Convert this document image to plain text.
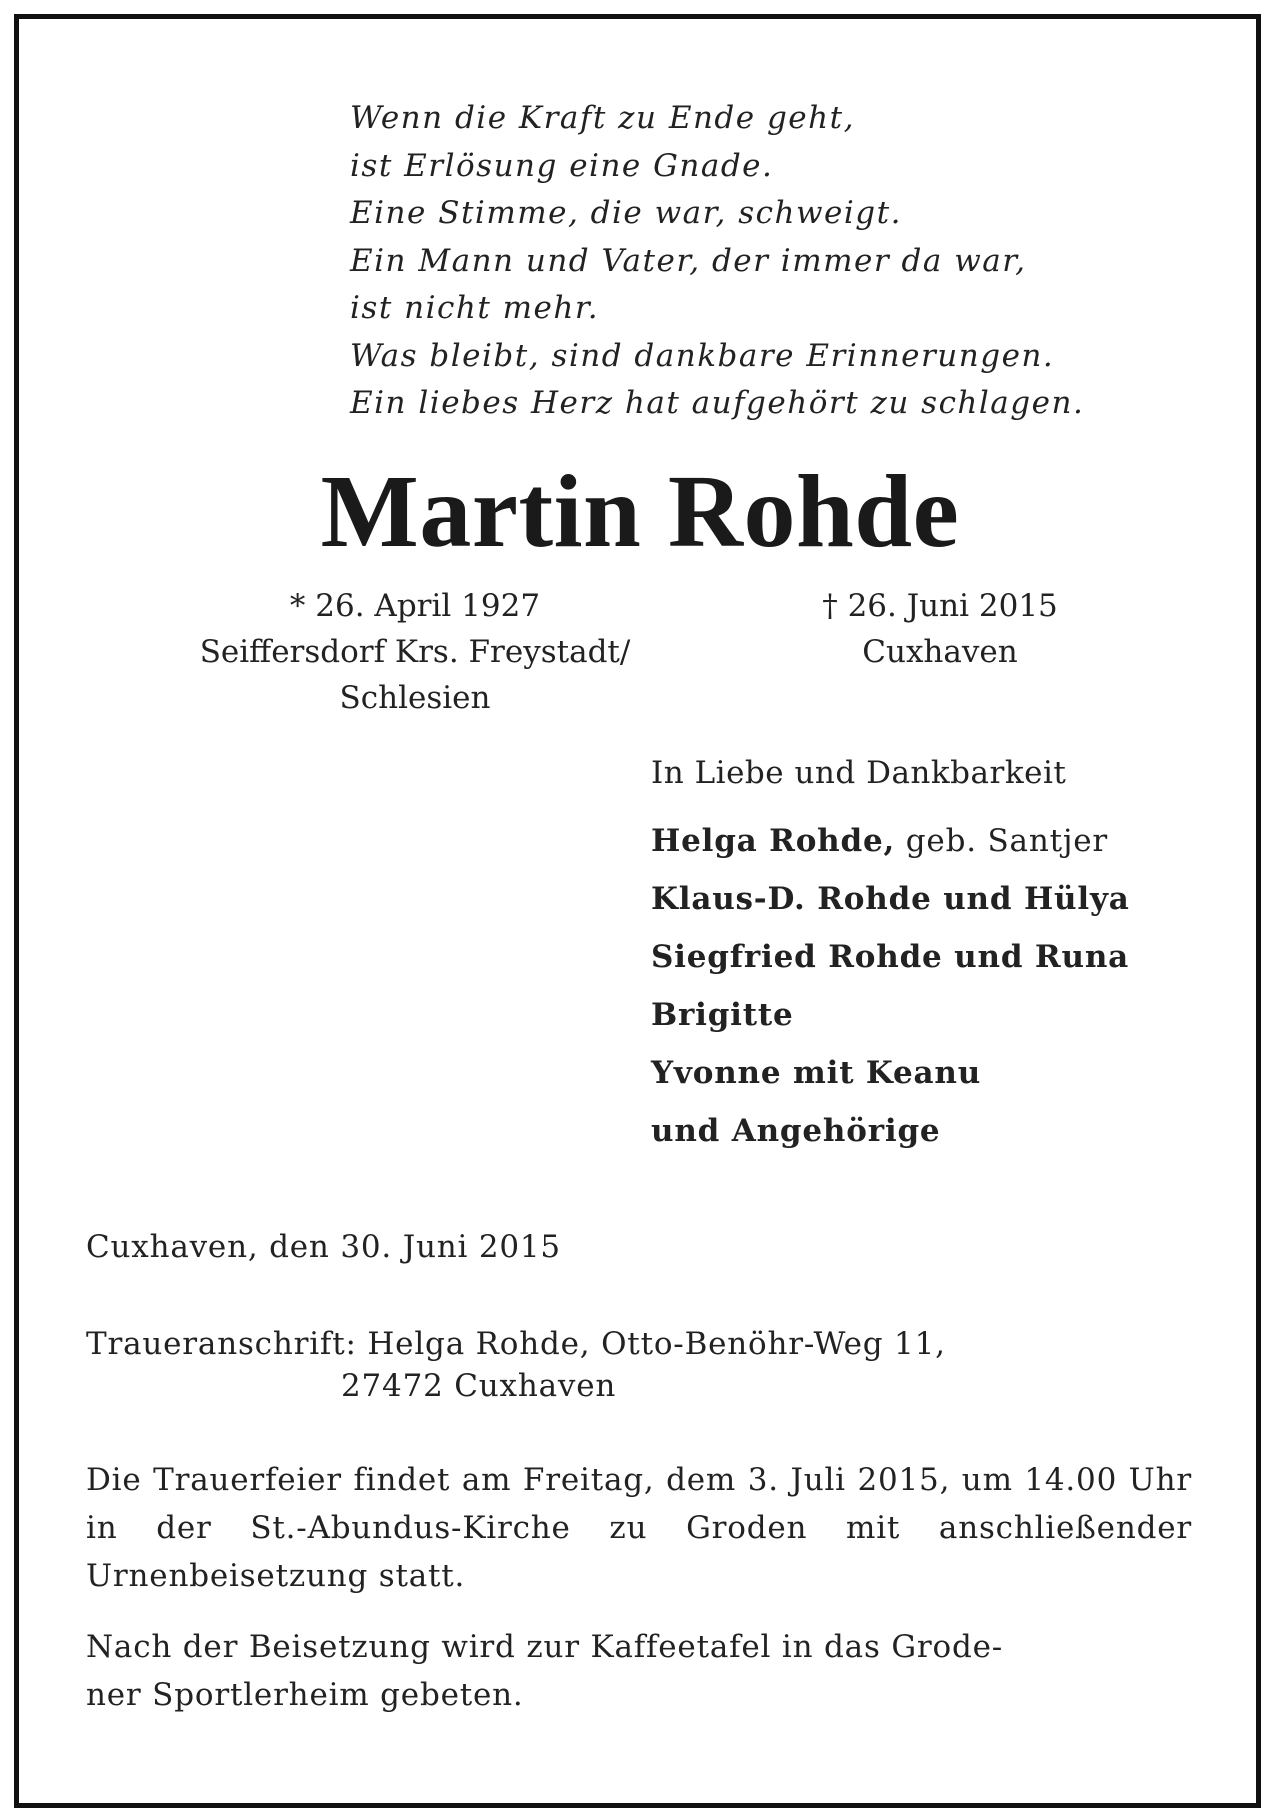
Wenn die Kraft zu Ende geht,
ist Erlösung eine Gnade.
Eine Stimme, die war, schweigt.
Ein Mann und Vater, der immer da war,
ist nicht mehr.
Was bleibt, sind dankbare Erinnerungen.
Ein liebes Herz hat aufgehört zu schlagen.
Martin Rohde
* 26. April 1927
Seiffersdorf Krs. Freystadt/
Schlesien
† 26. Juni 2015
Cuxhaven
In Liebe und Dankbarkeit
Helga Rohde, geb. Santjer
Klaus-D. Rohde und Hülya
Siegfried Rohde und Runa
Brigitte
Yvonne mit Keanu
und Angehörige
Cuxhaven, den 30. Juni 2015
Traueranschrift: Helga Rohde, Otto-Benöhr-Weg 11,
27472 Cuxhaven
Die Trauerfeier findet am Freitag, dem 3. Juli 2015, um 14.00 Uhr in der St.-Abundus-Kirche zu Groden mit anschließender Urnenbeisetzung statt.
Nach der Beisetzung wird zur Kaffeetafel in das Grode-
ner Sportlerheim gebeten.
